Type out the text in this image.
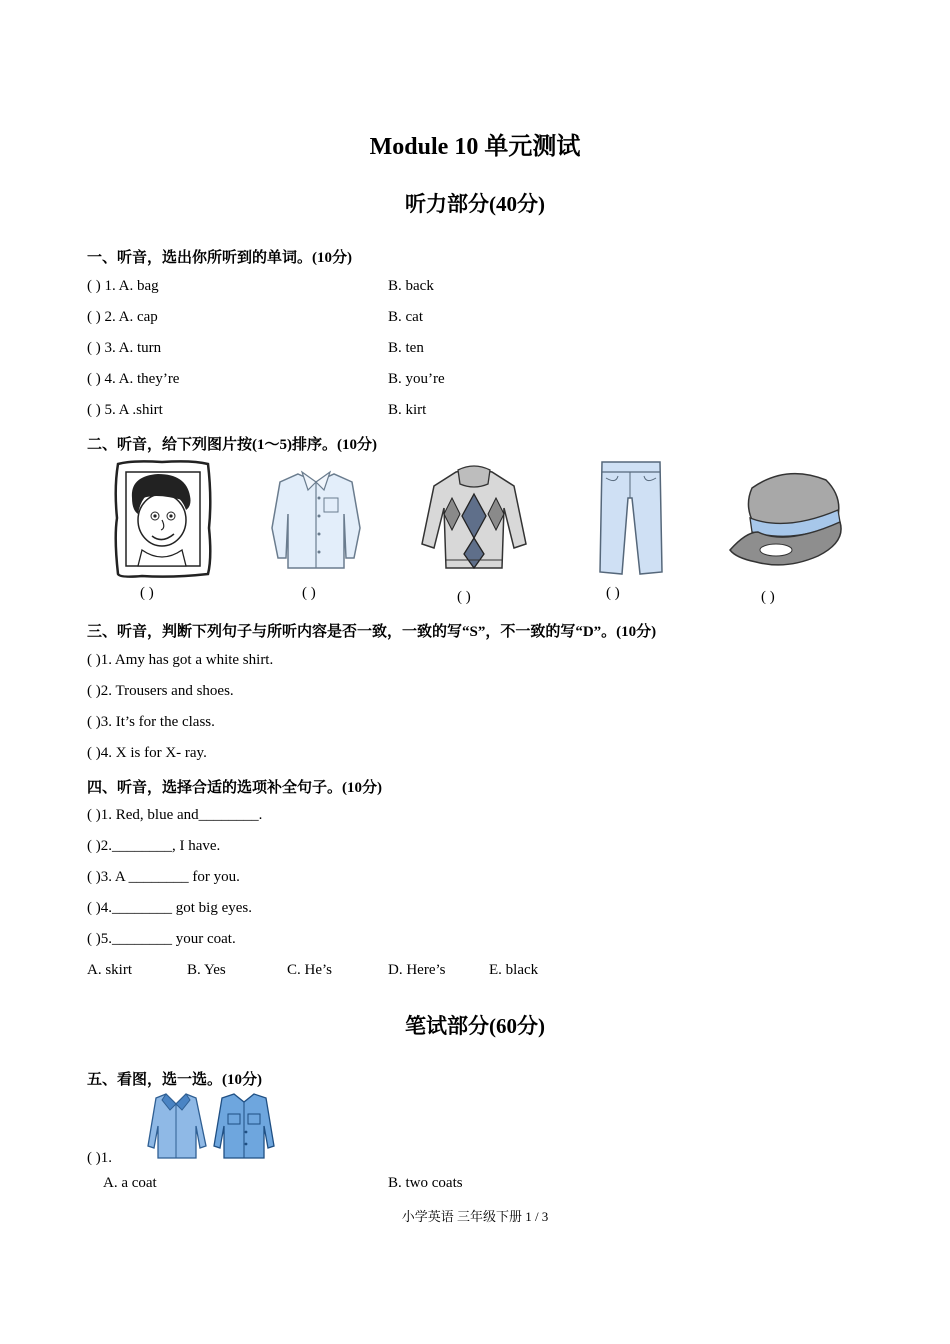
Module 10 单元测试
听力部分(40分)
一、听音，选出你所听到的单词。(10分)
( ) 1. A. bag	B. back
( ) 2. A. cap	B. cat
( ) 3. A. turn	B. ten
( ) 4. A. they’re	B. you’re
( ) 5. A .shirt	B. kirt
二、听音，给下列图片按(1～5)排序。(10分)
( )	( )	( )	( )	( )
三、听音，判断下列句子与所听内容是否一致，一致的写“S”，不一致的写“D”。(10分)
( )1. Amy has got a white shirt.
( )2. Trousers and shoes.
( )3. It’s for the class.
( )4. X is for X- ray.
四、听音，选择合适的选项补全句子。(10分)
( )1. Red, blue and________.
( )2.________, I have.
( )3. A ________ for you.
( )4.________ got big eyes.
( )5.________ your coat.
A. skirt	B. Yes	C. He’s	D. Here’s	E. black
笔试部分(60分)
五、看图，选一选。(10分)
( )1.
A. a coat	B. two coats
小学英语 三年级下册 1 / 3
